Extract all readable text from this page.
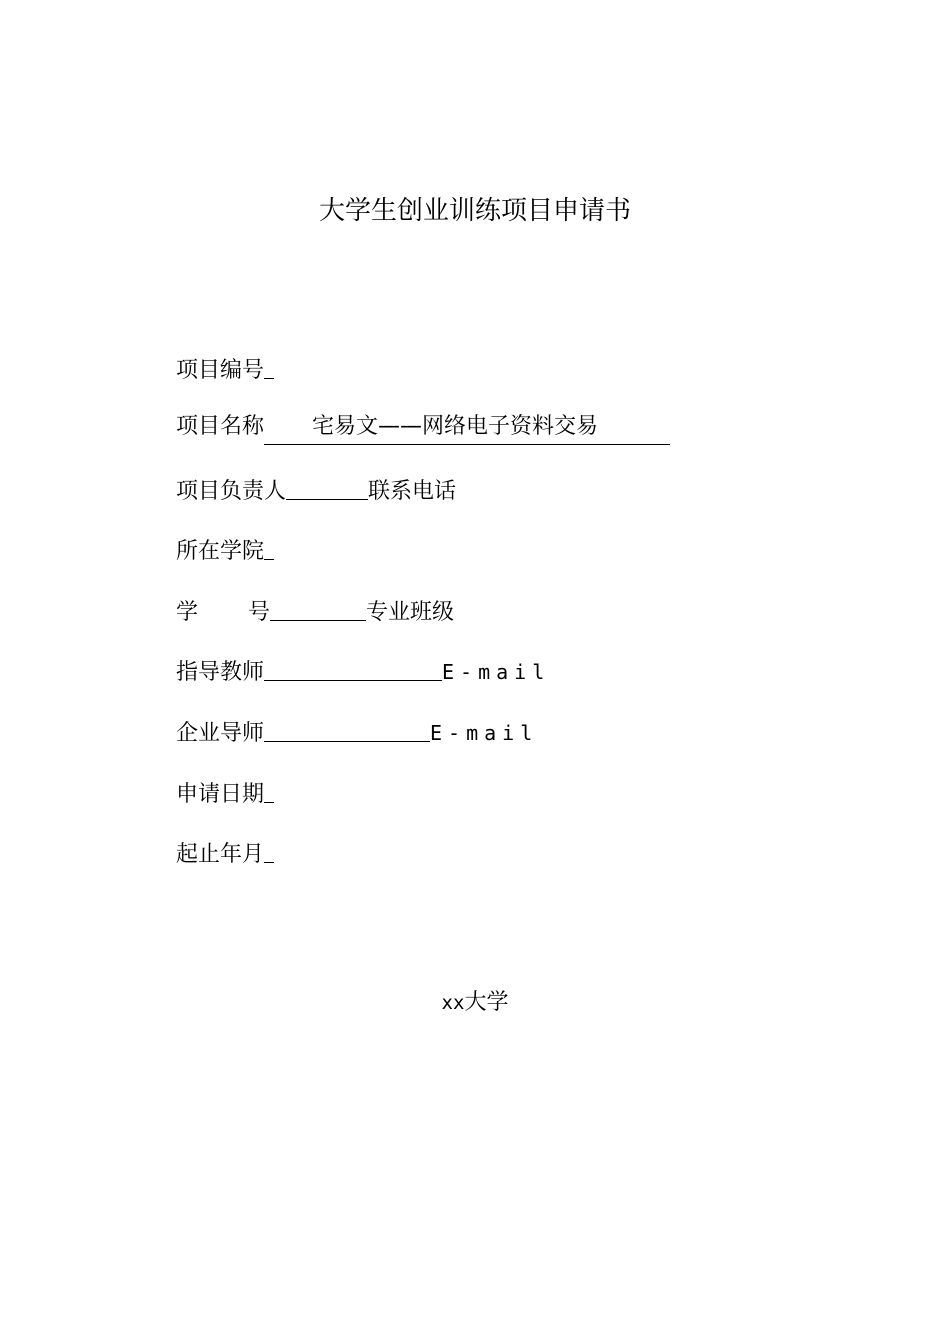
大学生创业训练项目申请书
项目编号
项目名称	宅易文——网络电子资料交易
项目负责人	联系电话
所在学院
学 号	专业班级
指导教师	E-mail
企业导师	E-mail
申请日期
起止年月
xx大学
